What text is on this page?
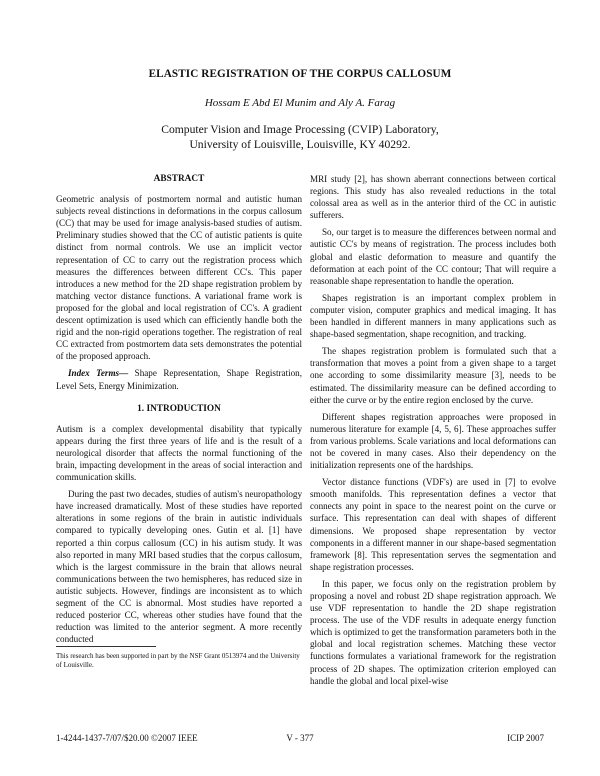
ELASTIC REGISTRATION OF THE CORPUS CALLOSUM
Hossam E Abd El Munim and Aly A. Farag
Computer Vision and Image Processing (CVIP) Laboratory,
University of Louisville, Louisville, KY 40292.
ABSTRACT

Geometric analysis of postmortem normal and autistic human subjects reveal distinctions in deformations in the corpus callosum (CC) that may be used for image analysis-based studies of autism. Preliminary studies showed that the CC of autistic patients is quite distinct from normal controls. We use an implicit vector representation of CC to carry out the registration process which measures the differences between different CC's. This paper introduces a new method for the 2D shape registration problem by matching vector distance functions. A variational frame work is proposed for the global and local registration of CC's. A gradient descent optimization is used which can efficiently handle both the rigid and the non-rigid operations together. The registration of real CC extracted from postmortem data sets demonstrates the potential of the proposed approach.

Index Terms— Shape Representation, Shape Registration, Level Sets, Energy Minimization.

1. INTRODUCTION

Autism is a complex developmental disability that typically appears during the first three years of life and is the result of a neurological disorder that affects the normal functioning of the brain, impacting development in the areas of social interaction and communication skills.

During the past two decades, studies of autism's neuropathology have increased dramatically. Most of these studies have reported alterations in some regions of the brain in autistic individuals compared to typically developing ones. Gutin et al. [1] have reported a thin corpus callosum (CC) in his autism study. It was also reported in many MRI based studies that the corpus callosum, which is the largest commissure in the brain that allows neural communications between the two hemispheres, has reduced size in autistic subjects. However, findings are inconsistent as to which segment of the CC is abnormal. Most studies have reported a reduced posterior CC, whereas other studies have found that the reduction was limited to the anterior segment. A more recently conducted

MRI study [2], has shown aberrant connections between cortical regions. This study has also revealed reductions in the total colossal area as well as in the anterior third of the CC in autistic sufferers.

So, our target is to measure the differences between normal and autistic CC's by means of registration. The process includes both global and elastic deformation to measure and quantify the deformation at each point of the CC contour; That will require a reasonable shape representation to handle the operation.

Shapes registration is an important complex problem in computer vision, computer graphics and medical imaging. It has been handled in different manners in many applications such as shape-based segmentation, shape recognition, and tracking.

The shapes registration problem is formulated such that a transformation that moves a point from a given shape to a target one according to some dissimilarity measure [3], needs to be estimated. The dissimilarity measure can be defined according to either the curve or by the entire region enclosed by the curve.

Different shapes registration approaches were proposed in numerous literature for example [4, 5, 6]. These approaches suffer from various problems. Scale variations and local deformations can not be covered in many cases. Also their dependency on the initialization represents one of the hardships.

Vector distance functions (VDF's) are used in [7] to evolve smooth manifolds. This representation defines a vector that connects any point in space to the nearest point on the curve or surface. This representation can deal with shapes of different dimensions. We proposed shape representation by vector components in a different manner in our shape-based segmentation framework [8]. This representation serves the segmentation and shape registration processes.

In this paper, we focus only on the registration problem by proposing a novel and robust 2D shape registration approach. We use VDF representation to handle the 2D shape registration process. The use of the VDF results in adequate energy function which is optimized to get the transformation parameters both in the global and local registration schemes. Matching these vector functions formulates a variational framework for the registration process of 2D shapes. The optimization criterion employed can handle the global and local pixel-wise

This research has been supported in part by the NSF Grant 0513974 and the University of Louisville.
1-4244-1437-7/07/$20.00 ©2007 IEEE	V - 377	ICIP 2007
